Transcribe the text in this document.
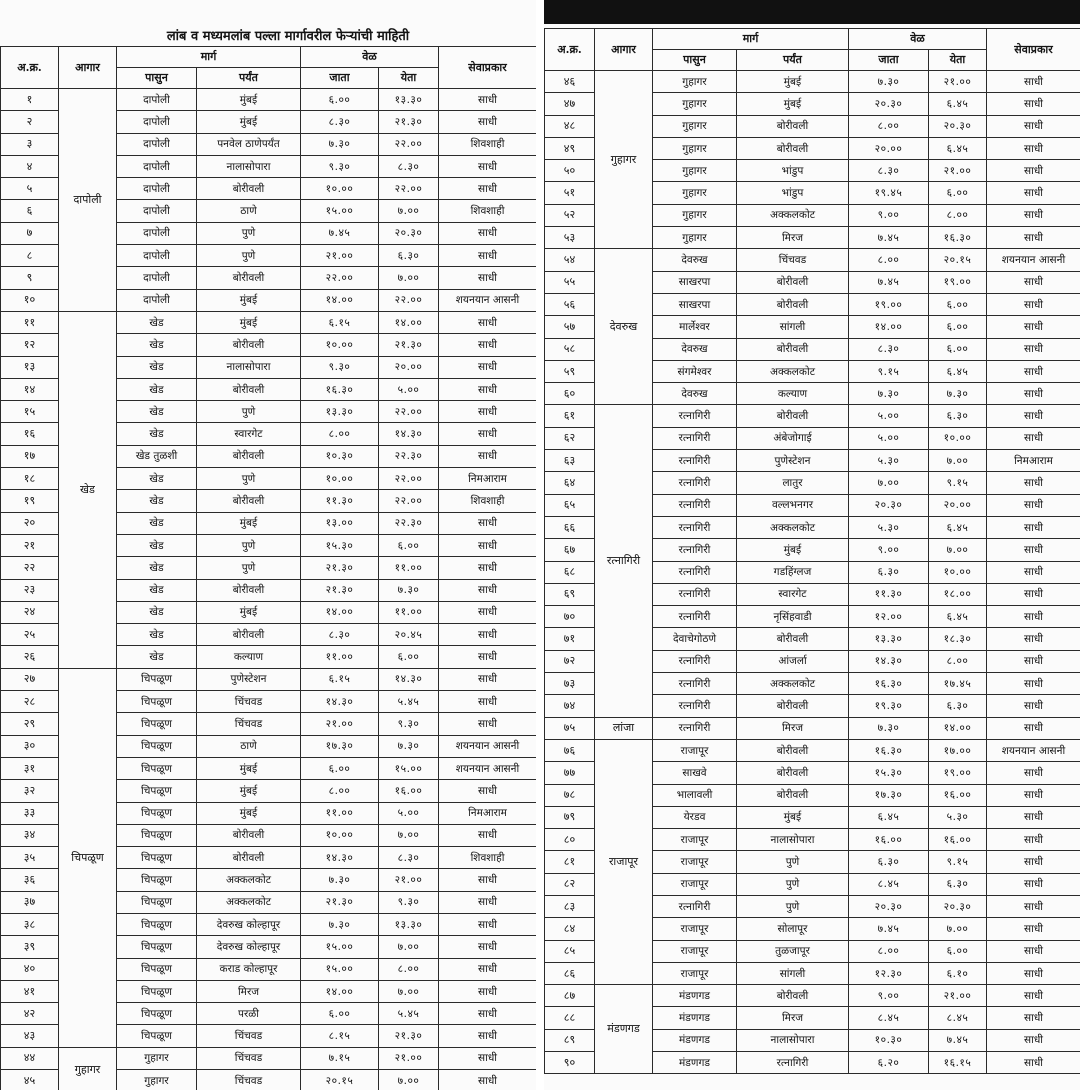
लांब व मध्यमलांब पल्ला मार्गावरील फेऱ्यांची माहिती
अ.क्र.	आगार	मार्ग		वेळ		सेवाप्रकार
		पासुन	पर्यंत	जाता	येता	
१	दापोली	दापोली	मुंबई	६.००	१३.३०	साधी
२		दापोली	मुंबई	८.३०	२१.३०	साधी
३		दापोली	पनवेल ठाणेपर्यंत	७.३०	२२.००	शिवशाही
४		दापोली	नालासोपारा	९.३०	८.३०	साधी
५		दापोली	बोरीवली	१०.००	२२.००	साधी
६		दापोली	ठाणे	१५.००	७.००	शिवशाही
७		दापोली	पुणे	७.४५	२०.३०	साधी
८		दापोली	पुणे	२१.००	६.३०	साधी
९		दापोली	बोरीवली	२२.००	७.००	साधी
१०		दापोली	मुंबई	१४.००	२२.००	शयनयान आसनी
११	खेड	खेड	मुंबई	६.१५	१४.००	साधी
१२		खेड	बोरीवली	१०.००	२१.३०	साधी
१३		खेड	नालासोपारा	९.३०	२०.००	साधी
१४		खेड	बोरीवली	१६.३०	५.००	साधी
१५		खेड	पुणे	१३.३०	२२.००	साधी
१६		खेड	स्वारगेट	८.००	१४.३०	साधी
१७		खेड तुळशी	बोरीवली	१०.३०	२२.३०	साधी
१८		खेड	पुणे	१०.००	२२.००	निमआराम
१९		खेड	बोरीवली	११.३०	२२.००	शिवशाही
२०		खेड	मुंबई	१३.००	२२.३०	साधी
२१		खेड	पुणे	१५.३०	६.००	साधी
२२		खेड	पुणे	२१.३०	११.००	साधी
२३		खेड	बोरीवली	२१.३०	७.३०	साधी
२४		खेड	मुंबई	१४.००	११.००	साधी
२५		खेड	बोरीवली	८.३०	२०.४५	साधी
२६		खेड	कल्याण	११.००	६.००	साधी
२७	चिपळूण	चिपळूण	पुणेस्टेशन	६.१५	१४.३०	साधी
२८		चिपळूण	चिंचवड	१४.३०	५.४५	साधी
२९		चिपळूण	चिंचवड	२१.००	९.३०	साधी
३०		चिपळूण	ठाणे	१७.३०	७.३०	शयनयान आसनी
३१		चिपळूण	मुंबई	६.००	१५.००	शयनयान आसनी
३२		चिपळूण	मुंबई	८.००	१६.००	साधी
३३		चिपळूण	मुंबई	११.००	५.००	निमआराम
३४		चिपळूण	बोरीवली	१०.००	७.००	साधी
३५		चिपळूण	बोरीवली	१४.३०	८.३०	शिवशाही
३६		चिपळूण	अक्कलकोट	७.३०	२१.००	साधी
३७		चिपळूण	अक्कलकोट	२१.३०	९.३०	साधी
३८		चिपळूण	देवरुख कोल्हापूर	७.३०	१३.३०	साधी
३९		चिपळूण	देवरुख कोल्हापूर	१५.००	७.००	साधी
४०		चिपळूण	कराड कोल्हापूर	१५.००	८.००	साधी
४१		चिपळूण	मिरज	१४.००	७.००	साधी
४२		चिपळूण	परळी	६.००	५.४५	साधी
४३		चिपळूण	चिंचवड	८.१५	२१.३०	साधी
४४	गुहागर	गुहागर	चिंचवड	७.१५	२१.००	साधी
४५		गुहागर	चिंचवड	२०.१५	७.००	साधी
अ.क्र.	आगार	मार्ग		वेळ		सेवाप्रकार
		पासुन	पर्यंत	जाता	येता	
४६	गुहागर	गुहागर	मुंबई	७.३०	२१.००	साधी
४७		गुहागर	मुंबई	२०.३०	६.४५	साधी
४८		गुहागर	बोरीवली	८.००	२०.३०	साधी
४९		गुहागर	बोरीवली	२०.००	६.४५	साधी
५०		गुहागर	भांडुप	८.३०	२१.००	साधी
५१		गुहागर	भांडुप	१९.४५	६.००	साधी
५२		गुहागर	अक्कलकोट	९.००	८.००	साधी
५३		गुहागर	मिरज	७.४५	१६.३०	साधी
५४	देवरुख	देवरुख	चिंचवड	८.००	२०.१५	शयनयान आसनी
५५		साखरपा	बोरीवली	७.४५	१९.००	साधी
५६		साखरपा	बोरीवली	१९.००	६.००	साधी
५७		मार्लेश्वर	सांगली	१४.००	६.००	साधी
५८		देवरुख	बोरीवली	८.३०	६.००	साधी
५९		संगमेश्वर	अक्कलकोट	९.१५	६.४५	साधी
६०		देवरुख	कल्याण	७.३०	७.३०	साधी
६१	रत्नागिरी	रत्नागिरी	बोरीवली	५.००	६.३०	साधी
६२		रत्नागिरी	अंबेजोगाई	५.००	१०.००	साधी
६३		रत्नागिरी	पुणेस्टेशन	५.३०	७.००	निमआराम
६४		रत्नागिरी	लातुर	७.००	९.१५	साधी
६५		रत्नागिरी	वल्लभनगर	२०.३०	२०.००	साधी
६६		रत्नागिरी	अक्कलकोट	५.३०	६.४५	साधी
६७		रत्नागिरी	मुंबई	९.००	७.००	साधी
६८		रत्नागिरी	गडहिंग्लज	६.३०	१०.००	साधी
६९		रत्नागिरी	स्वारगेट	११.३०	१८.००	साधी
७०		रत्नागिरी	नृसिंहवाडी	१२.००	६.४५	साधी
७१		देवाचेगोठणे	बोरीवली	१३.३०	१८.३०	साधी
७२		रत्नागिरी	आंजर्ला	१४.३०	८.००	साधी
७३		रत्नागिरी	अक्कलकोट	१६.३०	१७.४५	साधी
७४		रत्नागिरी	बोरीवली	१९.३०	६.३०	साधी
७५	लांजा	रत्नागिरी	मिरज	७.३०	१४.००	साधी
७६	राजापूर	राजापूर	बोरीवली	१६.३०	१७.००	शयनयान आसनी
७७		साखवे	बोरीवली	१५.३०	१९.००	साधी
७८		भालावली	बोरीवली	१७.३०	१६.००	साधी
७९		येरडव	मुंबई	६.४५	५.३०	साधी
८०		राजापूर	नालासोपारा	१६.००	१६.००	साधी
८१		राजापूर	पुणे	६.३०	९.१५	साधी
८२		राजापूर	पुणे	८.४५	६.३०	साधी
८३		रत्नागिरी	पुणे	२०.३०	२०.३०	साधी
८४		राजापूर	सोलापूर	७.४५	७.००	साधी
८५		राजापूर	तुळजापूर	८.००	६.००	साधी
८६		राजापूर	सांगली	१२.३०	६.१०	साधी
८७	मंडणगड	मंडणगड	बोरीवली	९.००	२१.००	साधी
८८		मंडणगड	मिरज	८.४५	८.४५	साधी
८९		मंडणगड	नालासोपारा	१०.३०	७.४५	साधी
९०		मंडणगड	रत्नागिरी	६.२०	१६.१५	साधी
